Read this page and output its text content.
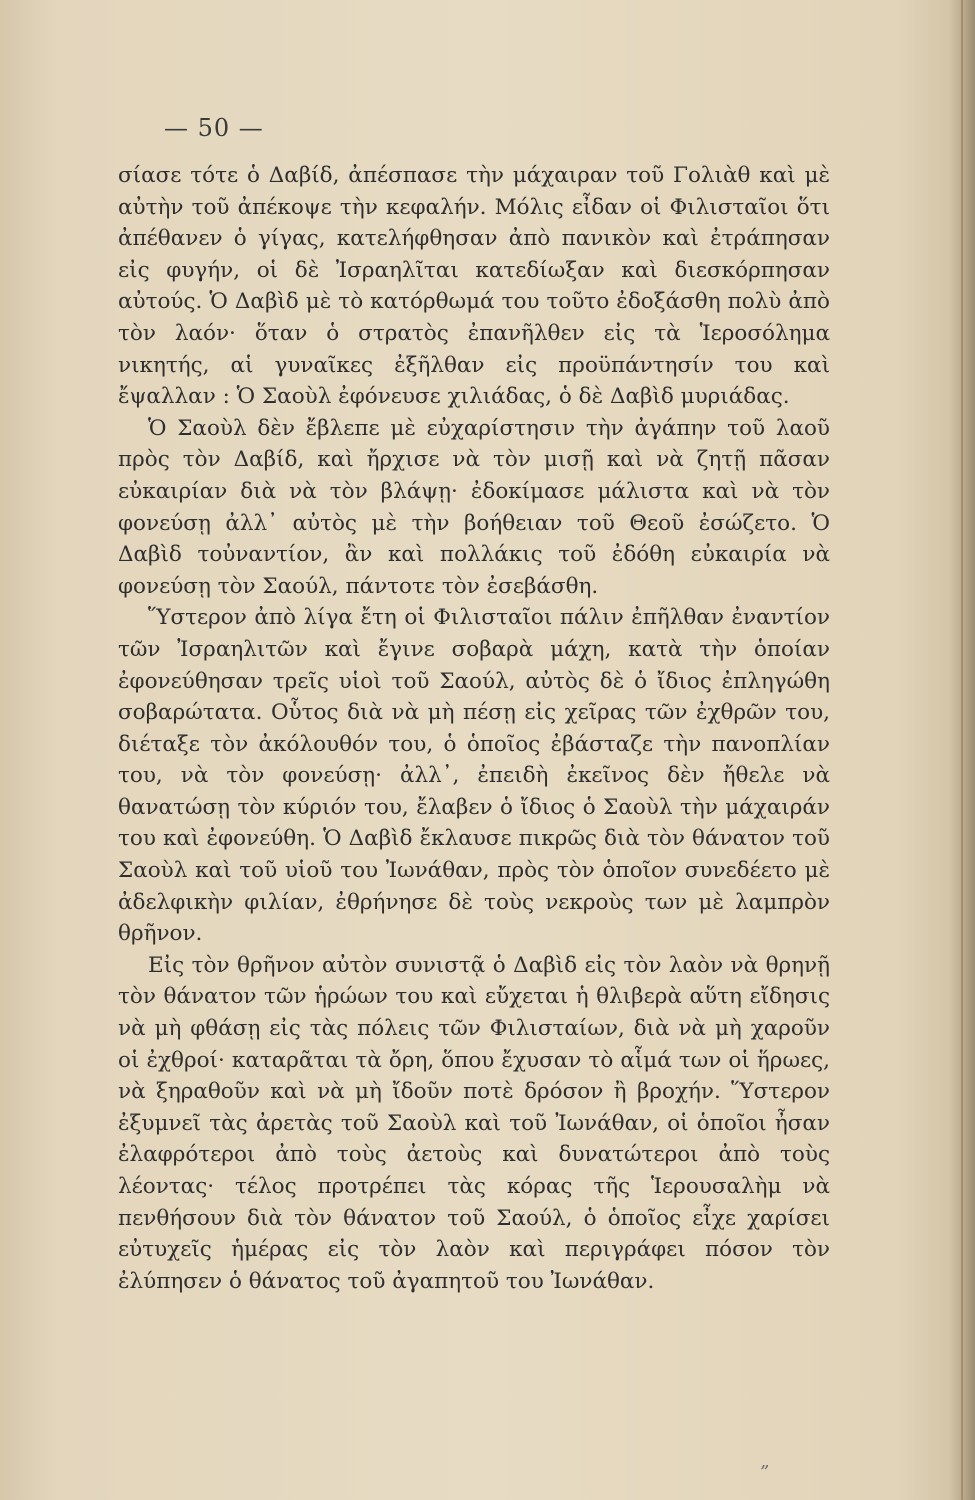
— 50 —

σίασε τότε ὁ Δαβίδ, ἀπέσπασε τὴν μάχαιραν τοῦ Γολιὰθ καὶ μὲ αὐτὴν τοῦ ἀπέκοψε τὴν κεφαλήν. Μόλις εἶδαν οἱ Φιλισταῖοι ὅτι ἀπέθανεν ὁ γίγας, κατελήφθησαν ἀπὸ πανικὸν καὶ ἐτράπησαν εἰς φυγήν, οἱ δὲ Ἰσραηλῖται κατεδίωξαν καὶ διεσκόρπησαν αὐτούς. Ὁ Δαβὶδ μὲ τὸ κατόρθωμά του τοῦτο ἐδοξάσθη πολὺ ἀπὸ τὸν λαόν· ὅταν ὁ στρατὸς ἐπανῆλθεν εἰς τὰ Ἱεροσόλημα νικητής, αἱ γυναῖκες ἐξῆλθαν εἰς προϋπάντησίν του καὶ ἔψαλλαν : Ὁ Σαοὺλ ἐφόνευσε χιλιάδας, ὁ δὲ Δαβὶδ μυριάδας.

Ὁ Σαοὺλ δὲν ἔβλεπε μὲ εὐχαρίστησιν τὴν ἀγάπην τοῦ λαοῦ πρὸς τὸν Δαβίδ, καὶ ἤρχισε νὰ τὸν μισῇ καὶ νὰ ζητῇ πᾶσαν εὐκαιρίαν διὰ νὰ τὸν βλάψῃ· ἐδοκίμασε μάλιστα καὶ νὰ τὸν φονεύσῃ ἀλλ᾽ αὐτὸς μὲ τὴν βοήθειαν τοῦ Θεοῦ ἐσώζετο. Ὁ Δαβὶδ τοὐναντίον, ἂν καὶ πολλάκις τοῦ ἐδόθη εὐκαιρία νὰ φονεύσῃ τὸν Σαούλ, πάντοτε τὸν ἐσεβάσθη.

Ὕστερον ἀπὸ λίγα ἔτη οἱ Φιλισταῖοι πάλιν ἐπῆλθαν ἐναντίον τῶν Ἰσραηλιτῶν καὶ ἔγινε σοβαρὰ μάχη, κατὰ τὴν ὁποίαν ἐφονεύθησαν τρεῖς υἱοὶ τοῦ Σαούλ, αὐτὸς δὲ ὁ ἴδιος ἐπληγώθη σοβαρώτατα. Οὗτος διὰ νὰ μὴ πέσῃ εἰς χεῖρας τῶν ἐχθρῶν του, διέταξε τὸν ἀκόλουθόν του, ὁ ὁποῖος ἐβάσταζε τὴν πανοπλίαν του, νὰ τὸν φονεύσῃ· ἀλλ᾽, ἐπειδὴ ἐκεῖνος δὲν ἤθελε νὰ θανατώσῃ τὸν κύριόν του, ἔλαβεν ὁ ἴδιος ὁ Σαοὺλ τὴν μάχαιράν του καὶ ἐφονεύθη. Ὁ Δαβὶδ ἔκλαυσε πικρῶς διὰ τὸν θάνατον τοῦ Σαοὺλ καὶ τοῦ υἱοῦ του Ἰωνάθαν, πρὸς τὸν ὁποῖον συνεδέετο μὲ ἀδελφικὴν φιλίαν, ἐθρήνησε δὲ τοὺς νεκροὺς των μὲ λαμπρὸν θρῆνον.

Εἰς τὸν θρῆνον αὐτὸν συνιστᾷ ὁ Δαβὶδ εἰς τὸν λαὸν νὰ θρηνῇ τὸν θάνατον τῶν ἡρώων του καὶ εὔχεται ἡ θλιβερὰ αὕτη εἴδησις νὰ μὴ φθάσῃ εἰς τὰς πόλεις τῶν Φιλισταίων, διὰ νὰ μὴ χαροῦν οἱ ἐχθροί· καταρᾶται τὰ ὄρη, ὅπου ἔχυσαν τὸ αἷμά των οἱ ἥρωες, νὰ ξηραθοῦν καὶ νὰ μὴ ἴδοῦν ποτὲ δρόσον ἢ βροχήν. Ὕστερον ἐξυμνεῖ τὰς ἀρετὰς τοῦ Σαοὺλ καὶ τοῦ Ἰωνάθαν, οἱ ὁποῖοι ἦσαν ἐλαφρότεροι ἀπὸ τοὺς ἀετοὺς καὶ δυνατώτεροι ἀπὸ τοὺς λέοντας· τέλος προτρέπει τὰς κόρας τῆς Ἱερουσαλὴμ νὰ πενθήσουν διὰ τὸν θάνατον τοῦ Σαούλ, ὁ ὁποῖος εἶχε χαρίσει εὐτυχεῖς ἡμέρας εἰς τὸν λαὸν καὶ περιγράφει πόσον τὸν ἐλύπησεν ὁ θάνατος τοῦ ἀγαπητοῦ του Ἰωνάθαν.

”
